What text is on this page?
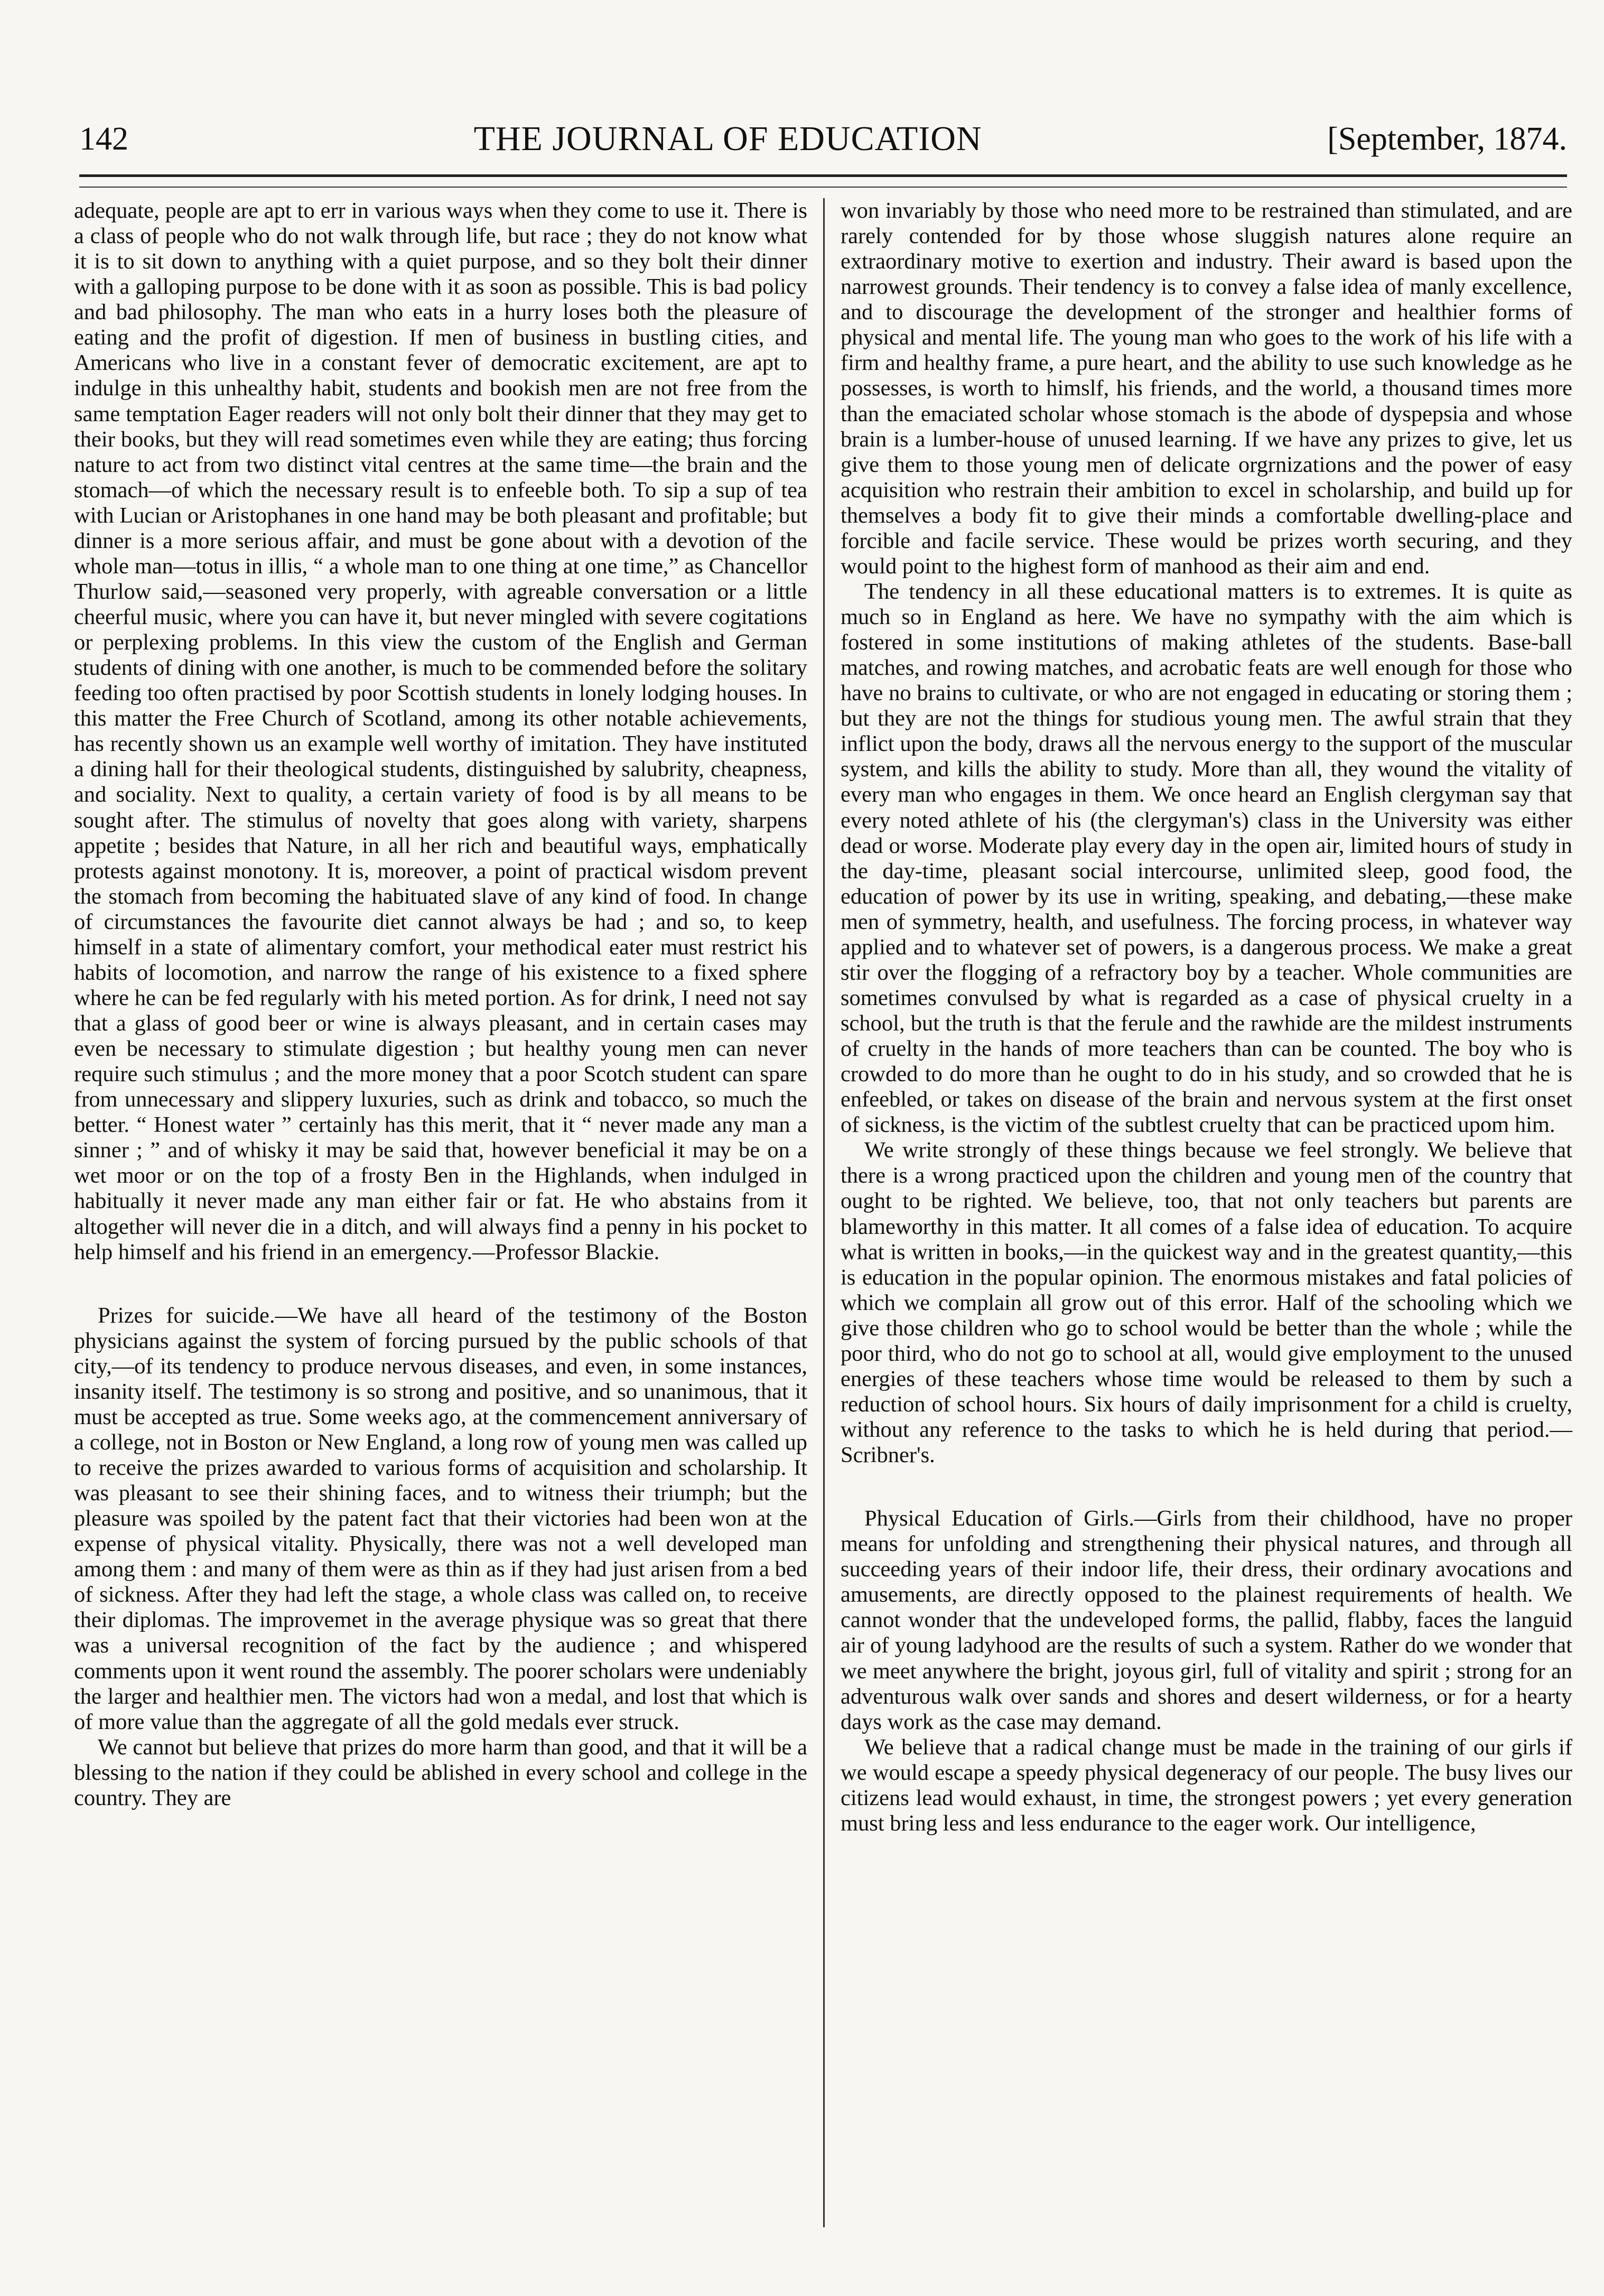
142	THE JOURNAL OF EDUCATION	[September, 1874.

adequate, people are apt to err in various ways when they come to use it. There is a class of people who do not walk through life, but race ; they do not know what it is to sit down to anything with a quiet purpose, and so they bolt their dinner with a galloping purpose to be done with it as soon as possible. This is bad policy and bad philosophy. The man who eats in a hurry loses both the pleasure of eating and the profit of digestion. If men of business in bustling cities, and Americans who live in a constant fever of democratic excitement, are apt to indulge in this unhealthy habit, students and bookish men are not free from the same temptation Eager readers will not only bolt their dinner that they may get to their books, but they will read sometimes even while they are eating; thus forcing nature to act from two distinct vital centres at the same time—the brain and the stomach—of which the necessary result is to enfeeble both. To sip a sup of tea with Lucian or Aristophanes in one hand may be both pleasant and profitable; but dinner is a more serious affair, and must be gone about with a devotion of the whole man—totus in illis, “ a whole man to one thing at one time,” as Chancellor Thurlow said,—seasoned very properly, with agreable conversation or a little cheerful music, where you can have it, but never mingled with severe cogitations or perplexing problems. In this view the custom of the English and German students of dining with one another, is much to be commended before the solitary feeding too often practised by poor Scottish students in lonely lodging houses. In this matter the Free Church of Scotland, among its other notable achievements, has recently shown us an example well worthy of imitation. They have instituted a dining hall for their theological students, distinguished by salubrity, cheapness, and sociality. Next to quality, a certain variety of food is by all means to be sought after. The stimulus of novelty that goes along with variety, sharpens appetite ; besides that Nature, in all her rich and beautiful ways, emphatically protests against monotony. It is, moreover, a point of practical wisdom prevent the stomach from becoming the habituated slave of any kind of food. In change of circumstances the favourite diet cannot always be had ; and so, to keep himself in a state of alimentary comfort, your methodical eater must restrict his habits of locomotion, and narrow the range of his existence to a fixed sphere where he can be fed regularly with his meted portion. As for drink, I need not say that a glass of good beer or wine is always pleasant, and in certain cases may even be necessary to stimulate digestion ; but healthy young men can never require such stimulus ; and the more money that a poor Scotch student can spare from unnecessary and slippery luxuries, such as drink and tobacco, so much the better. “ Honest water ” certainly has this merit, that it “ never made any man a sinner ; ” and of whisky it may be said that, however beneficial it may be on a wet moor or on the top of a frosty Ben in the Highlands, when indulged in habitually it never made any man either fair or fat. He who abstains from it altogether will never die in a ditch, and will always find a penny in his pocket to help himself and his friend in an emergency.—Professor Blackie.

Prizes for suicide.—We have all heard of the testimony of the Boston physicians against the system of forcing pursued by the public schools of that city,—of its tendency to produce nervous diseases, and even, in some instances, insanity itself. The testimony is so strong and positive, and so unanimous, that it must be accepted as true. Some weeks ago, at the commencement anniversary of a college, not in Boston or New England, a long row of young men was called up to receive the prizes awarded to various forms of acquisition and scholarship. It was pleasant to see their shining faces, and to witness their triumph; but the pleasure was spoiled by the patent fact that their victories had been won at the expense of physical vitality. Physically, there was not a well developed man among them : and many of them were as thin as if they had just arisen from a bed of sickness. After they had left the stage, a whole class was called on, to receive their diplomas. The improvemet in the average physique was so great that there was a universal recognition of the fact by the audience ; and whispered comments upon it went round the assembly. The poorer scholars were undeniably the larger and healthier men. The victors had won a medal, and lost that which is of more value than the aggregate of all the gold medals ever struck.

We cannot but believe that prizes do more harm than good, and that it will be a blessing to the nation if they could be ablished in every school and college in the country. They are

won invariably by those who need more to be restrained than stimulated, and are rarely contended for by those whose sluggish natures alone require an extraordinary motive to exertion and industry. Their award is based upon the narrowest grounds. Their tendency is to convey a false idea of manly excellence, and to discourage the development of the stronger and healthier forms of physical and mental life. The young man who goes to the work of his life with a firm and healthy frame, a pure heart, and the ability to use such knowledge as he possesses, is worth to himslf, his friends, and the world, a thousand times more than the emaciated scholar whose stomach is the abode of dyspepsia and whose brain is a lumber-house of unused learning. If we have any prizes to give, let us give them to those young men of delicate orgrnizations and the power of easy acquisition who restrain their ambition to excel in scholarship, and build up for themselves a body fit to give their minds a comfortable dwelling-place and forcible and facile service. These would be prizes worth securing, and they would point to the highest form of manhood as their aim and end.

The tendency in all these educational matters is to extremes. It is quite as much so in England as here. We have no sympathy with the aim which is fostered in some institutions of making athletes of the students. Base-ball matches, and rowing matches, and acrobatic feats are well enough for those who have no brains to cultivate, or who are not engaged in educating or storing them ; but they are not the things for studious young men. The awful strain that they inflict upon the body, draws all the nervous energy to the support of the muscular system, and kills the ability to study. More than all, they wound the vitality of every man who engages in them. We once heard an English clergyman say that every noted athlete of his (the clergyman's) class in the University was either dead or worse. Moderate play every day in the open air, limited hours of study in the day-time, pleasant social intercourse, unlimited sleep, good food, the education of power by its use in writing, speaking, and debating,—these make men of symmetry, health, and usefulness. The forcing process, in whatever way applied and to whatever set of powers, is a dangerous process. We make a great stir over the flogging of a refractory boy by a teacher. Whole communities are sometimes convulsed by what is regarded as a case of physical cruelty in a school, but the truth is that the ferule and the rawhide are the mildest instruments of cruelty in the hands of more teachers than can be counted. The boy who is crowded to do more than he ought to do in his study, and so crowded that he is enfeebled, or takes on disease of the brain and nervous system at the first onset of sickness, is the victim of the subtlest cruelty that can be practiced upom him.

We write strongly of these things because we feel strongly. We believe that there is a wrong practiced upon the children and young men of the country that ought to be righted. We believe, too, that not only teachers but parents are blameworthy in this matter. It all comes of a false idea of education. To acquire what is written in books,—in the quickest way and in the greatest quantity,—this is education in the popular opinion. The enormous mistakes and fatal policies of which we complain all grow out of this error. Half of the schooling which we give those children who go to school would be better than the whole ; while the poor third, who do not go to school at all, would give employment to the unused energies of these teachers whose time would be released to them by such a reduction of school hours. Six hours of daily imprisonment for a child is cruelty, without any reference to the tasks to which he is held during that period.—Scribner's.

Physical Education of Girls.—Girls from their childhood, have no proper means for unfolding and strengthening their physical natures, and through all succeeding years of their indoor life, their dress, their ordinary avocations and amusements, are directly opposed to the plainest requirements of health. We cannot wonder that the undeveloped forms, the pallid, flabby, faces the languid air of young ladyhood are the results of such a system. Rather do we wonder that we meet anywhere the bright, joyous girl, full of vitality and spirit ; strong for an adventurous walk over sands and shores and desert wilderness, or for a hearty days work as the case may demand.

We believe that a radical change must be made in the training of our girls if we would escape a speedy physical degeneracy of our people. The busy lives our citizens lead would exhaust, in time, the strongest powers ; yet every generation must bring less and less endurance to the eager work. Our intelligence,
